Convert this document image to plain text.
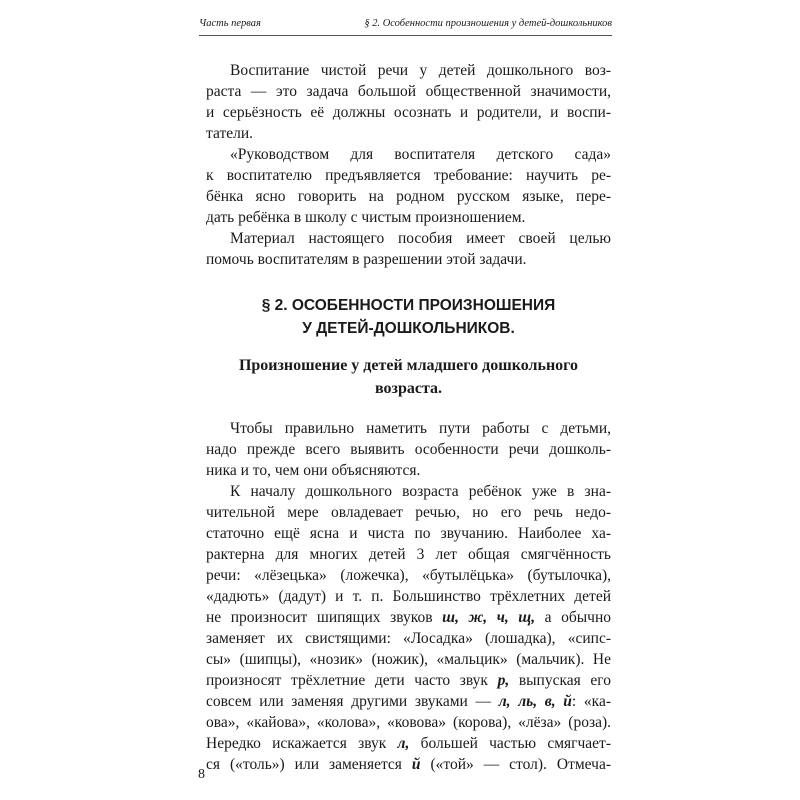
Часть первая	§ 2. Особенности произношения у детей-дошкольников
Воспитание чистой речи у детей дошкольного воз-
раста — это задача большой общественной значимости,
и серьёзность её должны осознать и родители, и воспи-
татели.
«Руководством для воспитателя детского сада»
к воспитателю предъявляется требование: научить ре-
бёнка ясно говорить на родном русском языке, пере-
дать ребёнка в школу с чистым произношением.
Материал настоящего пособия имеет своей целью
помочь воспитателям в разрешении этой задачи.
§ 2. ОСОБЕННОСТИ ПРОИЗНОШЕНИЯ
У ДЕТЕЙ-ДОШКОЛЬНИКОВ.
Произношение у детей младшего дошкольного
возраста.
Чтобы правильно наметить пути работы с детьми,
надо прежде всего выявить особенности речи дошколь-
ника и то, чем они объясняются.
К началу дошкольного возраста ребёнок уже в зна-
чительной мере овладевает речью, но его речь недо-
статочно ещё ясна и чиста по звучанию. Наиболее ха-
рактерна для многих детей 3 лет общая смягчённость
речи: «лёзецька» (ложечка), «бутылёцька» (бутылочка),
«дадють» (дадут) и т. п. Большинство трёхлетних детей
не произносит шипящих звуков ш, ж, ч, щ, а обычно
заменяет их свистящими: «Лосадка» (лошадка), «сипс-
сы» (шипцы), «нозик» (ножик), «мальцик» (мальчик). Не
произносят трёхлетние дети часто звук р, выпуская его
совсем или заменяя другими звуками — л, ль, в, й: «ка-
ова», «кайова», «колова», «ковова» (корова), «лёза» (роза).
Нередко искажается звук л, большей частью смягчает-
ся («толь») или заменяется й («той» — стол). Отмеча-
8
